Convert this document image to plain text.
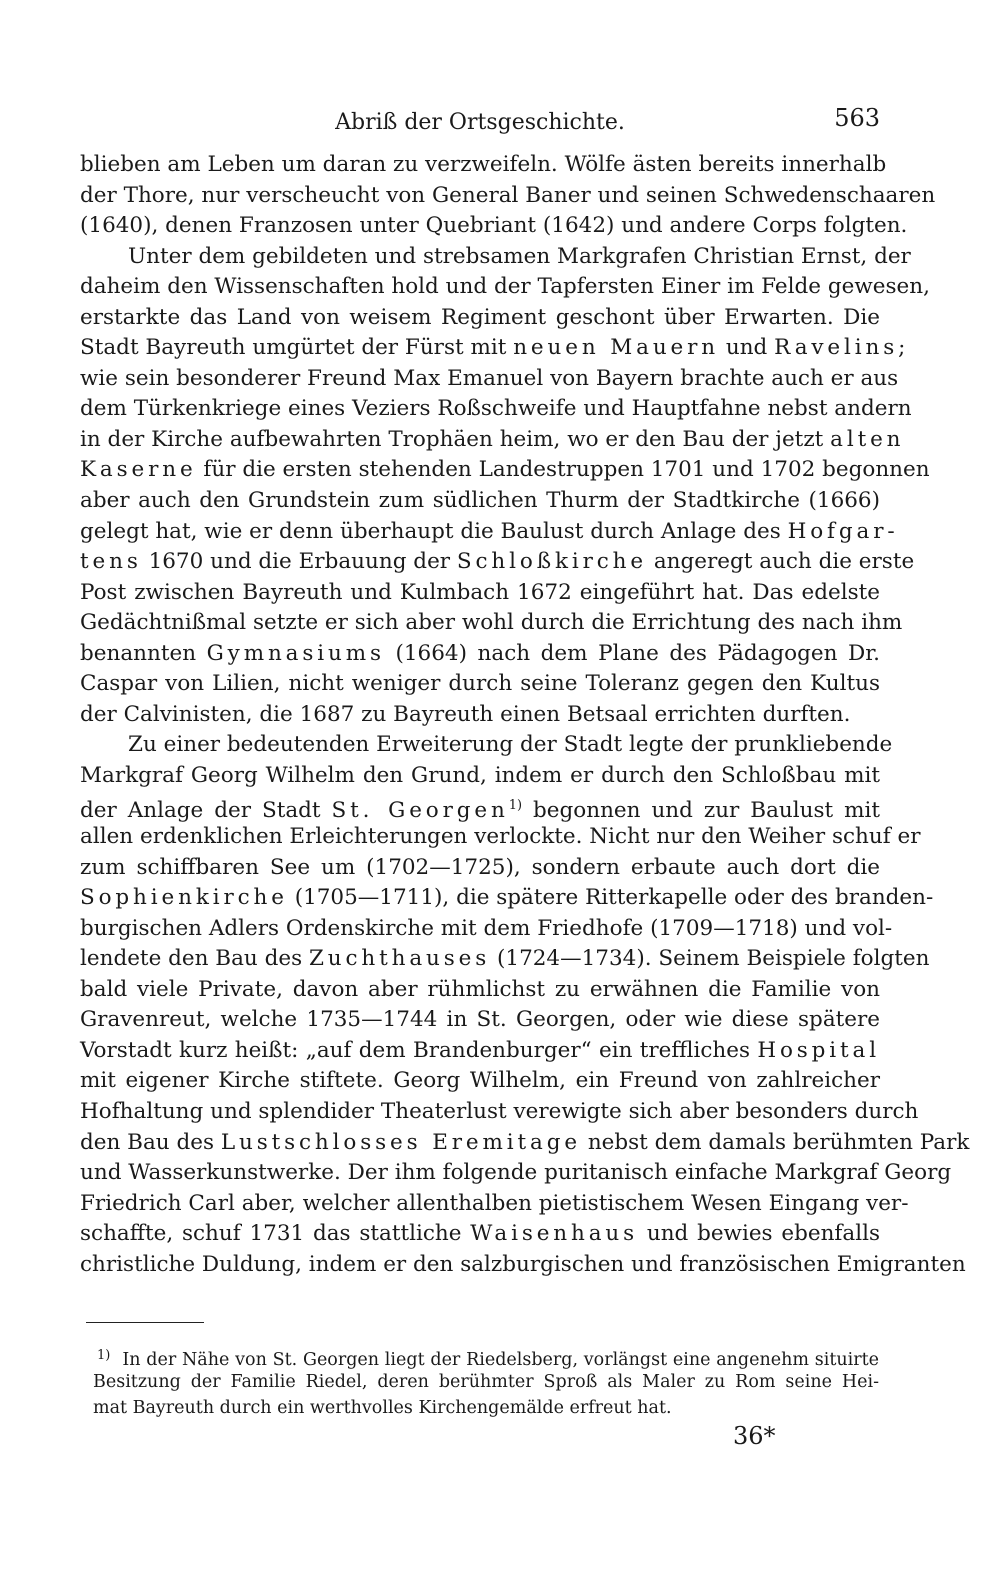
Abriß der Ortsgeschichte.	563
blieben am Leben um daran zu verzweifeln. Wölfe ästen bereits innerhalb
der Thore, nur verscheucht von General Baner und seinen Schwedenschaaren
(1640), denen Franzosen unter Quebriant (1642) und andere Corps folgten.
Unter dem gebildeten und strebsamen Markgrafen Christian Ernst, der
daheim den Wissenschaften hold und der Tapfersten Einer im Felde gewesen,
erstarkte das Land von weisem Regiment geschont über Erwarten. Die
Stadt Bayreuth umgürtet der Fürst mit neuen Mauern und Ravelins;
wie sein besonderer Freund Max Emanuel von Bayern brachte auch er aus
dem Türkenkriege eines Veziers Roßschweife und Hauptfahne nebst andern
in der Kirche aufbewahrten Trophäen heim, wo er den Bau der jetzt alten
Kaserne für die ersten stehenden Landestruppen 1701 und 1702 begonnen
aber auch den Grundstein zum südlichen Thurm der Stadtkirche (1666)
gelegt hat, wie er denn überhaupt die Baulust durch Anlage des Hofgar-
tens 1670 und die Erbauung der Schloßkirche angeregt auch die erste
Post zwischen Bayreuth und Kulmbach 1672 eingeführt hat. Das edelste
Gedächtnißmal setzte er sich aber wohl durch die Errichtung des nach ihm
benannten Gymnasiums (1664) nach dem Plane des Pädagogen Dr.
Caspar von Lilien, nicht weniger durch seine Toleranz gegen den Kultus
der Calvinisten, die 1687 zu Bayreuth einen Betsaal errichten durften.
Zu einer bedeutenden Erweiterung der Stadt legte der prunkliebende
Markgraf Georg Wilhelm den Grund, indem er durch den Schloßbau mit
der Anlage der Stadt St. Georgen$^{1)}$ begonnen und zur Baulust mit
allen erdenklichen Erleichterungen verlockte. Nicht nur den Weiher schuf er
zum schiffbaren See um (1702—1725), sondern erbaute auch dort die
Sophienkirche (1705—1711), die spätere Ritterkapelle oder des branden-
burgischen Adlers Ordenskirche mit dem Friedhofe (1709—1718) und vol-
lendete den Bau des Zuchthauses (1724—1734). Seinem Beispiele folgten
bald viele Private, davon aber rühmlichst zu erwähnen die Familie von
Gravenreut, welche 1735—1744 in St. Georgen, oder wie diese spätere
Vorstadt kurz heißt: „auf dem Brandenburger“ ein treffliches Hospital
mit eigener Kirche stiftete. Georg Wilhelm, ein Freund von zahlreicher
Hofhaltung und splendider Theaterlust verewigte sich aber besonders durch
den Bau des Lustschlosses Eremitage nebst dem damals berühmten Park
und Wasserkunstwerke. Der ihm folgende puritanisch einfache Markgraf Georg
Friedrich Carl aber, welcher allenthalben pietistischem Wesen Eingang ver-
schaffte, schuf 1731 das stattliche Waisenhaus und bewies ebenfalls
christliche Duldung, indem er den salzburgischen und französischen Emigranten
$^{1)}$ In der Nähe von St. Georgen liegt der Riedelsberg, vorlängst eine angenehm situirte
Besitzung der Familie Riedel, deren berühmter Sproß als Maler zu Rom seine Hei-
mat Bayreuth durch ein werthvolles Kirchengemälde erfreut hat.
36*
